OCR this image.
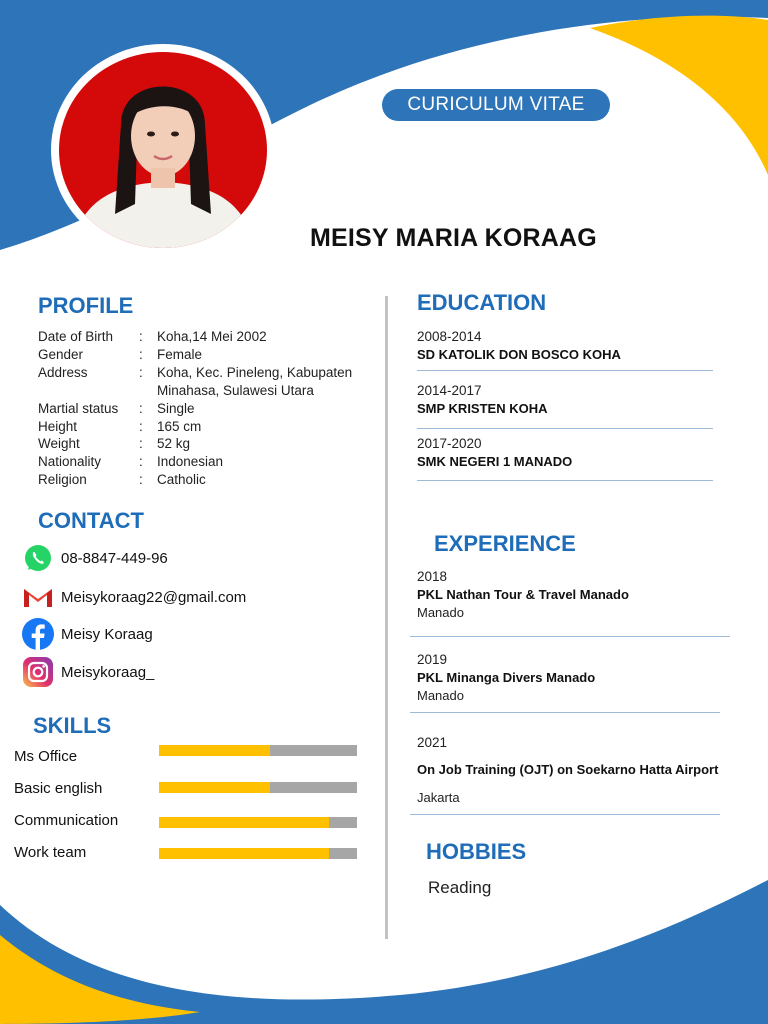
CURICULUM VITAE
MEISY MARIA KORAAG
PROFILE
Date of Birth	: Koha,14 Mei 2002
Gender	: Female
Address	: Koha, Kec. Pineleng, Kabupaten Minahasa, Sulawesi Utara
Martial status	: Single
Height	: 165 cm
Weight	: 52 kg
Nationality	: Indonesian
Religion	: Catholic
CONTACT
08-8847-449-96
Meisykoraag22@gmail.com
Meisy Koraag
Meisykoraag_
SKILLS
Ms Office
Basic english
Communication
Work team
EDUCATION
2008-2014
SD KATOLIK DON BOSCO KOHA
2014-2017
SMP KRISTEN KOHA
2017-2020
SMK NEGERI 1 MANADO
EXPERIENCE
2018
PKL Nathan Tour & Travel Manado
Manado
2019
PKL Minanga Divers Manado
Manado
2021
On Job Training (OJT) on Soekarno Hatta Airport
Jakarta
HOBBIES
Reading
